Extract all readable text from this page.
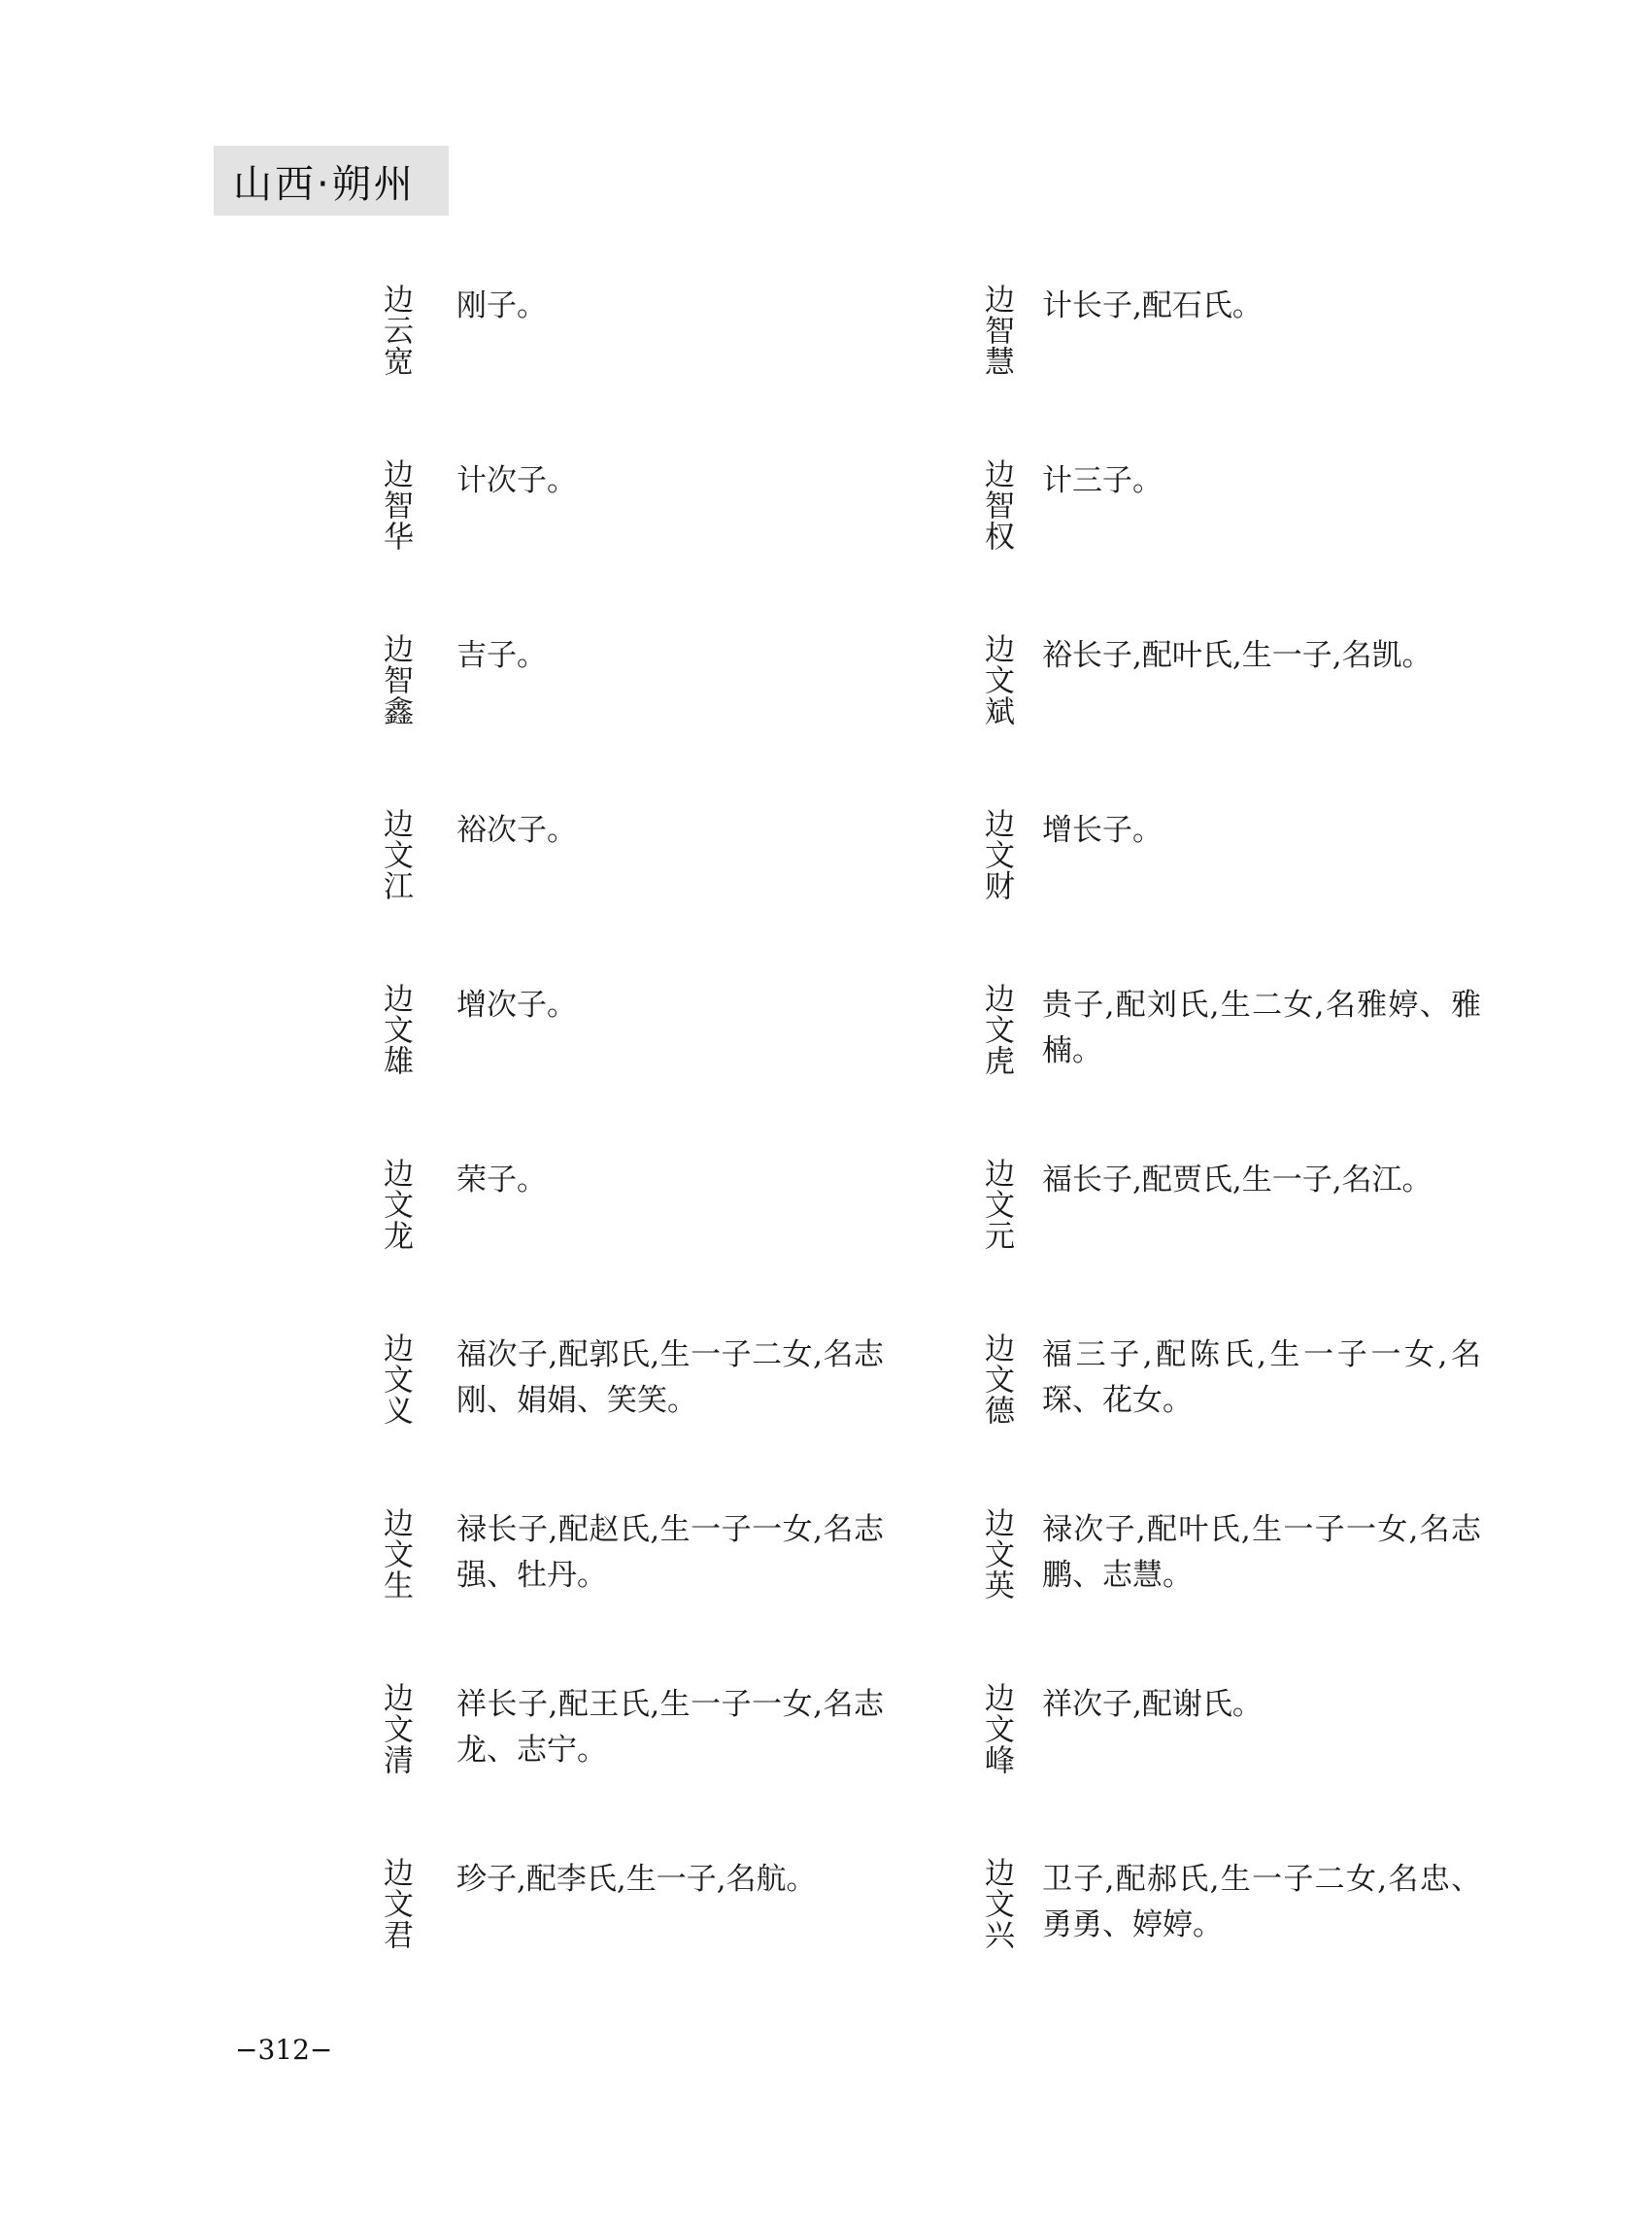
山西·朔州
边云宽 刚子。	边智慧 计长子,配石氏。
边智华 计次子。	边智权 计三子。
边智鑫 吉子。	边文斌 裕长子,配叶氏,生一子,名凯。
边文江 裕次子。	边文财 增长子。
边文雄 增次子。	边文虎 贵子,配刘氏,生二女,名雅婷、雅楠。
边文龙 荣子。	边文元 福长子,配贾氏,生一子,名江。
边文义 福次子,配郭氏,生一子二女,名志刚、娟娟、笑笑。	边文德 福三子,配陈氏,生一子一女,名琛、花女。
边文生 禄长子,配赵氏,生一子一女,名志强、牡丹。	边文英 禄次子,配叶氏,生一子一女,名志鹏、志慧。
边文清 祥长子,配王氏,生一子一女,名志龙、志宁。	边文峰 祥次子,配谢氏。
边文君 珍子,配李氏,生一子,名航。	边文兴 卫子,配郝氏,生一子二女,名忠、勇勇、婷婷。
−312−
